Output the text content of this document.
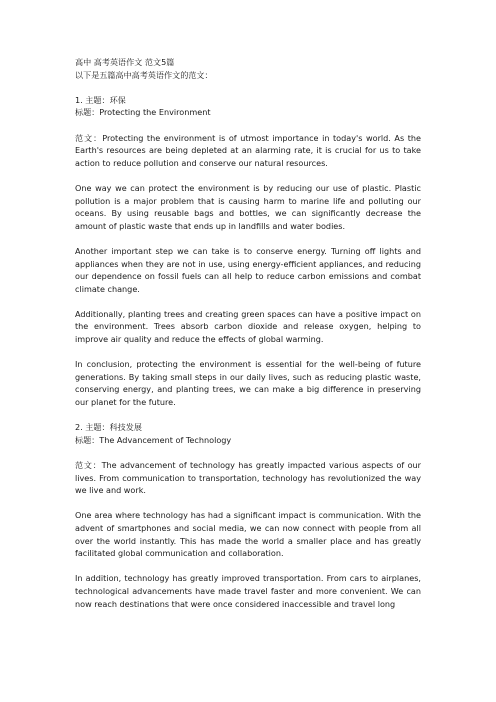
高中 高考英语作文 范文5篇

以下是五篇高中高考英语作文的范文：

1. 主题：环保

标题：Protecting the Environment

范文：Protecting the environment is of utmost importance in today's world. As the Earth's resources are being depleted at an alarming rate, it is crucial for us to take action to reduce pollution and conserve our natural resources.

One way we can protect the environment is by reducing our use of plastic. Plastic pollution is a major problem that is causing harm to marine life and polluting our oceans. By using reusable bags and bottles, we can significantly decrease the amount of plastic waste that ends up in landfills and water bodies.

Another important step we can take is to conserve energy. Turning off lights and appliances when they are not in use, using energy-efficient appliances, and reducing our dependence on fossil fuels can all help to reduce carbon emissions and combat climate change.

Additionally, planting trees and creating green spaces can have a positive impact on the environment. Trees absorb carbon dioxide and release oxygen, helping to improve air quality and reduce the effects of global warming.

In conclusion, protecting the environment is essential for the well-being of future generations. By taking small steps in our daily lives, such as reducing plastic waste, conserving energy, and planting trees, we can make a big difference in preserving our planet for the future.

2. 主题：科技发展

标题：The Advancement of Technology

范文：The advancement of technology has greatly impacted various aspects of our lives. From communication to transportation, technology has revolutionized the way we live and work.

One area where technology has had a significant impact is communication. With the advent of smartphones and social media, we can now connect with people from all over the world instantly. This has made the world a smaller place and has greatly facilitated global communication and collaboration.

In addition, technology has greatly improved transportation. From cars to airplanes, technological advancements have made travel faster and more convenient. We can now reach destinations that were once considered inaccessible and travel long
